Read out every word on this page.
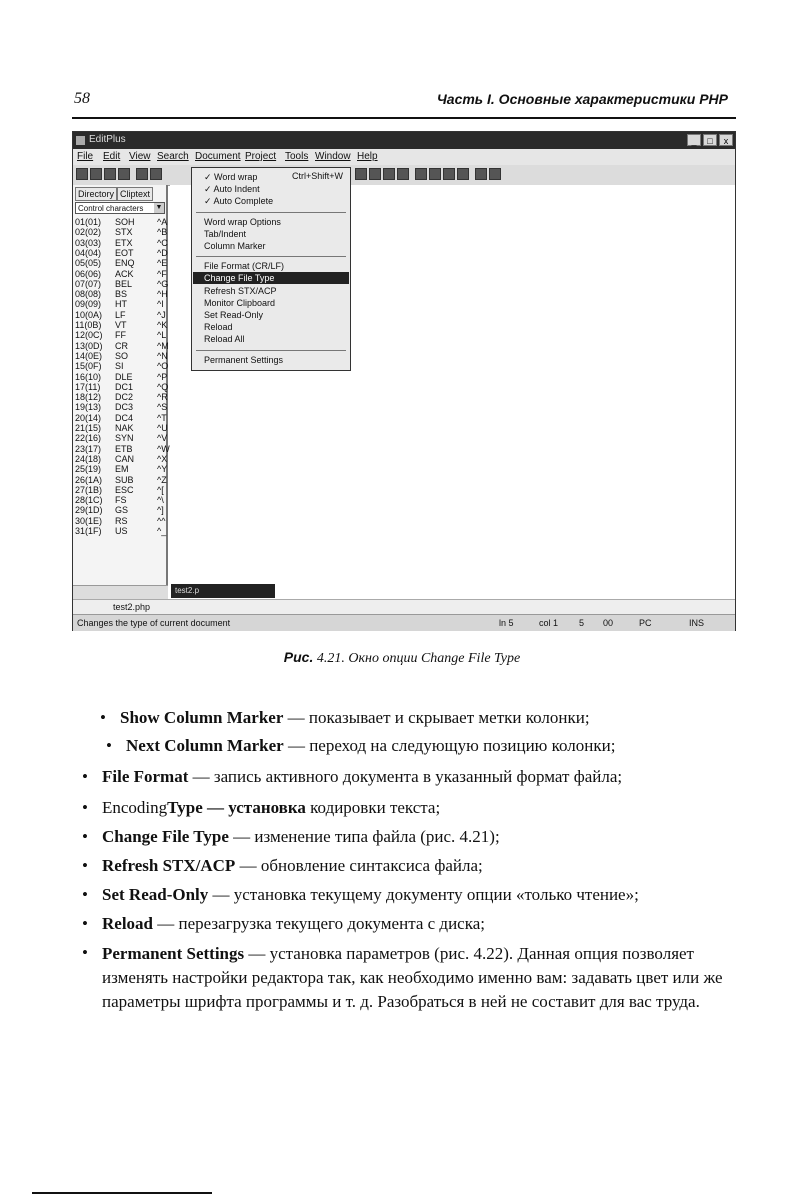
58	Часть I. Основные характеристики PHP
EditPlus	_	□	x
File Edit View Search Document Project Tools Window Help
Directory Cliptext
Control characters ▼
01(01) SOH ^A
02(02) STX	^B
03(03) ETX	^C
04(04) EOT	^D
05(05) ENQ ^E
06(06) ACK	^F
07(07) BEL	^G
08(08) BS	^H
09(09) HT	^I
10(0A) LF	^J
11(0B) VT	^K
12(0C) FF	^L
13(0D) CR	^M
14(0E) SO	^N
15(0F) SI	^O
16(10) DLE	^P
17(11) DC1	^Q
18(12) DC2	^R
19(13) DC3	^S
20(14) DC4	^T
21(15) NAK	^U
22(16) SYN	^V
23(17) ETB	^W
24(18) CAN	^X
25(19) EM	^Y
26(1A) SUB	^Z
27(1B) ESC	^[
28(1C) FS	^\
29(1D) GS	^]
30(1E) RS	^^
31(1F) US	^_
✓ Word wrap
✓ Auto Indent
✓ Auto Complete
Word wrap Options
Tab/Indent
Column Marker
File Format (CR/LF)
Change File Type
Refresh STX/ACP
Monitor Clipboard
Set Read-Only
Reload
Reload All
Permanent Settings
Ctrl+Shift+W
test2.p
test2.php
Changes the type of current document	ln 5	col 1 5 00	PC	INS
Рис. 4.21. Окно опции Change File Type
• Show Column Marker — показывает и скрывает метки колонки;
• Next Column Marker — переход на следующую позицию колонки;
• File Format — запись активного документа в указанный формат файла;
• EncodingType — установка кодировки текста;
• Change File Type — изменение типа файла (рис. 4.21);
• Refresh STX/ACP — обновление синтаксиса файла;
• Set Read-Only — установка текущему документу опции «только чтение»;
• Reload — перезагрузка текущего документа с диска;
• Permanent Settings — установка параметров (рис. 4.22). Данная опция позволяет изменять настройки редактора так, как необходимо именно вам: задавать цвет или же параметры шрифта программы и т. д. Разобраться в ней не составит для вас труда.
